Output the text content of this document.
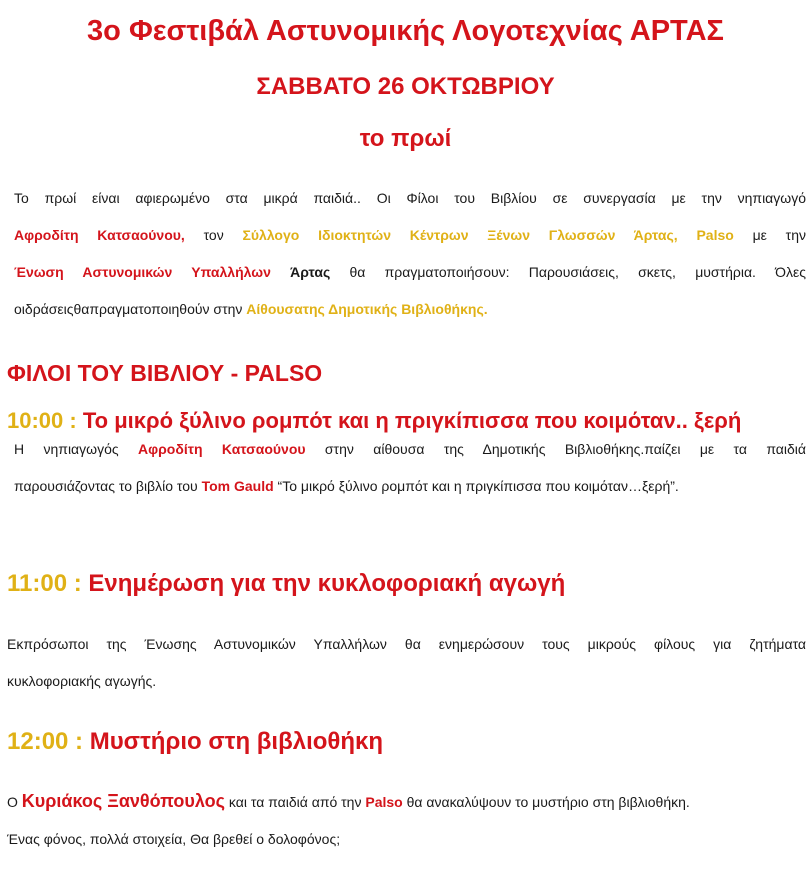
3ο Φεστιβάλ Αστυνομικής Λογοτεχνίας ΑΡΤΑΣ
ΣΑΒΒΑΤΟ 26 ΟΚΤΩΒΡΙΟΥ
το πρωί
Το πρωί είναι αφιερωμένο στα μικρά παιδιά.. Οι Φίλοι του Βιβλίου σε συνεργασία με την νηπιαγωγό
Αφροδίτη Κατσαούνου, τον Σύλλογο Ιδιοκτητών Κέντρων Ξένων Γλωσσών Άρτας, Palso με την
Ένωση Αστυνομικών Υπαλλήλων Άρτας θα πραγματοποιήσουν: Παρουσιάσεις, σκετς, μυστήρια. Όλες
οιδράσειςθαπραγματοποιηθούν στην Αίθουσατης Δημοτικής Βιβλιοθήκης.
ΦΙΛΟΙ ΤΟΥ ΒΙΒΛΙΟΥ - PALSO
10:00 : Το μικρό ξύλινο ρομπότ και η πριγκίπισσα που κοιμόταν.. ξερή
Η νηπιαγωγός Αφροδίτη Κατσαούνου στην αίθουσα της Δημοτικής Βιβλιοθήκης.παίζει με τα παιδιά
παρουσιάζοντας το βιβλίο του Tom Gauld “Το μικρό ξύλινο ρομπότ και η πριγκίπισσα που κοιμόταν…ξερή”.
11:00 : Ενημέρωση για την κυκλοφοριακή αγωγή
Εκπρόσωποι της Ένωσης Αστυνομικών Υπαλλήλων θα ενημερώσουν τους μικρούς φίλους για ζητήματα
κυκλοφοριακής αγωγής.
12:00 : Μυστήριο στη βιβλιοθήκη
Ο Κυριάκος Ξανθόπουλος και τα παιδιά από την Palso θα ανακαλύψουν το μυστήριο στη βιβλιοθήκη.
Ένας φόνος, πολλά στοιχεία, Θα βρεθεί ο δολοφόνος;
